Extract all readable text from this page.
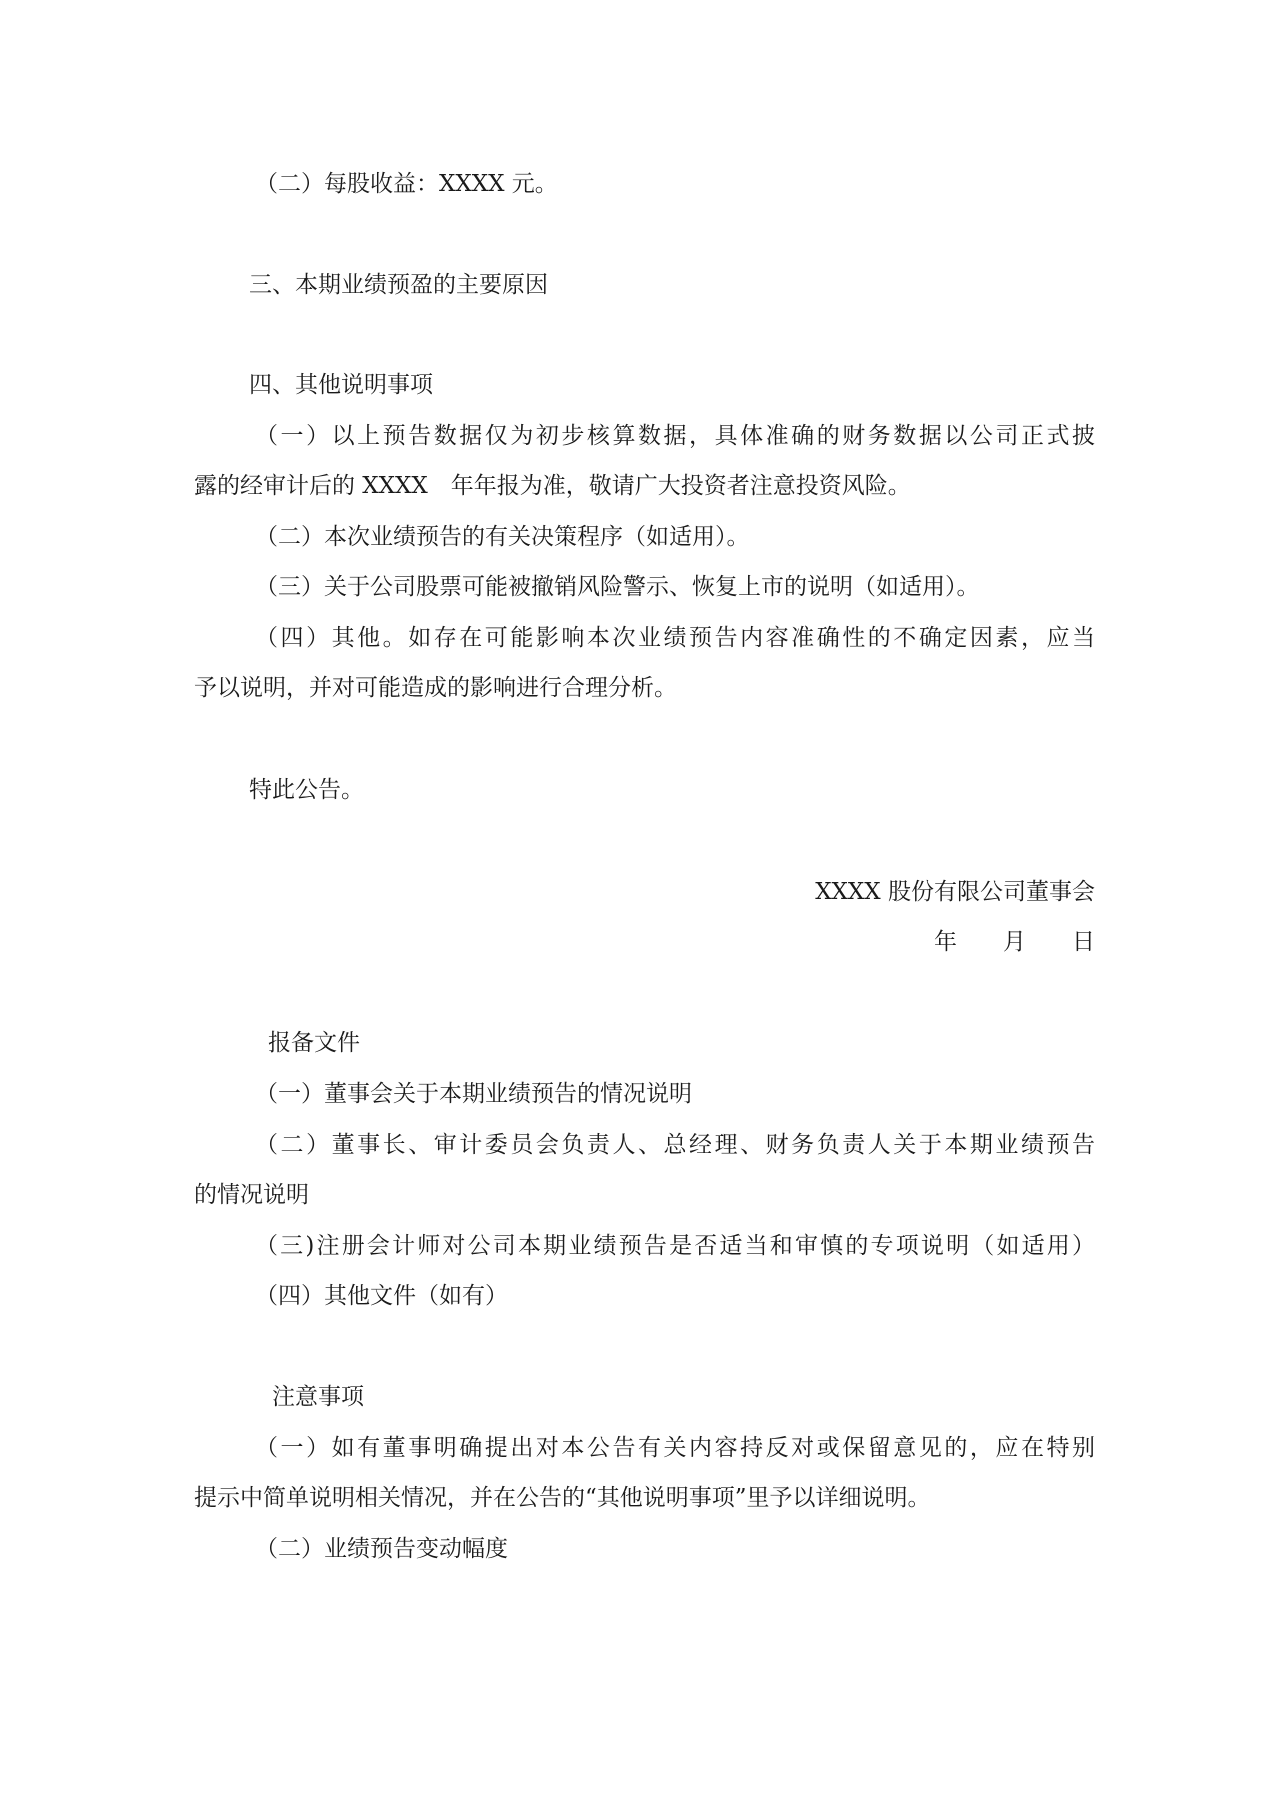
（二）每股收益：XXXX 元。
三、本期业绩预盈的主要原因
四、其他说明事项
（一）以上预告数据仅为初步核算数据，具体准确的财务数据以公司正式披
露的经审计后的 XXXX　年年报为准，敬请广大投资者注意投资风险。
（二）本次业绩预告的有关决策程序（如适用）。
（三）关于公司股票可能被撤销风险警示、恢复上市的说明（如适用）。
（四）其他。如存在可能影响本次业绩预告内容准确性的不确定因素，应当
予以说明，并对可能造成的影响进行合理分析。
特此公告。
XXXX 股份有限公司董事会
年　　月　　日
报备文件
（一）董事会关于本期业绩预告的情况说明
（二）董事长、审计委员会负责人、总经理、财务负责人关于本期业绩预告
的情况说明
（三)注册会计师对公司本期业绩预告是否适当和审慎的专项说明（如适用）
（四）其他文件（如有）
注意事项
（一）如有董事明确提出对本公告有关内容持反对或保留意见的，应在特别
提示中简单说明相关情况，并在公告的“其他说明事项”里予以详细说明。
（二）业绩预告变动幅度
